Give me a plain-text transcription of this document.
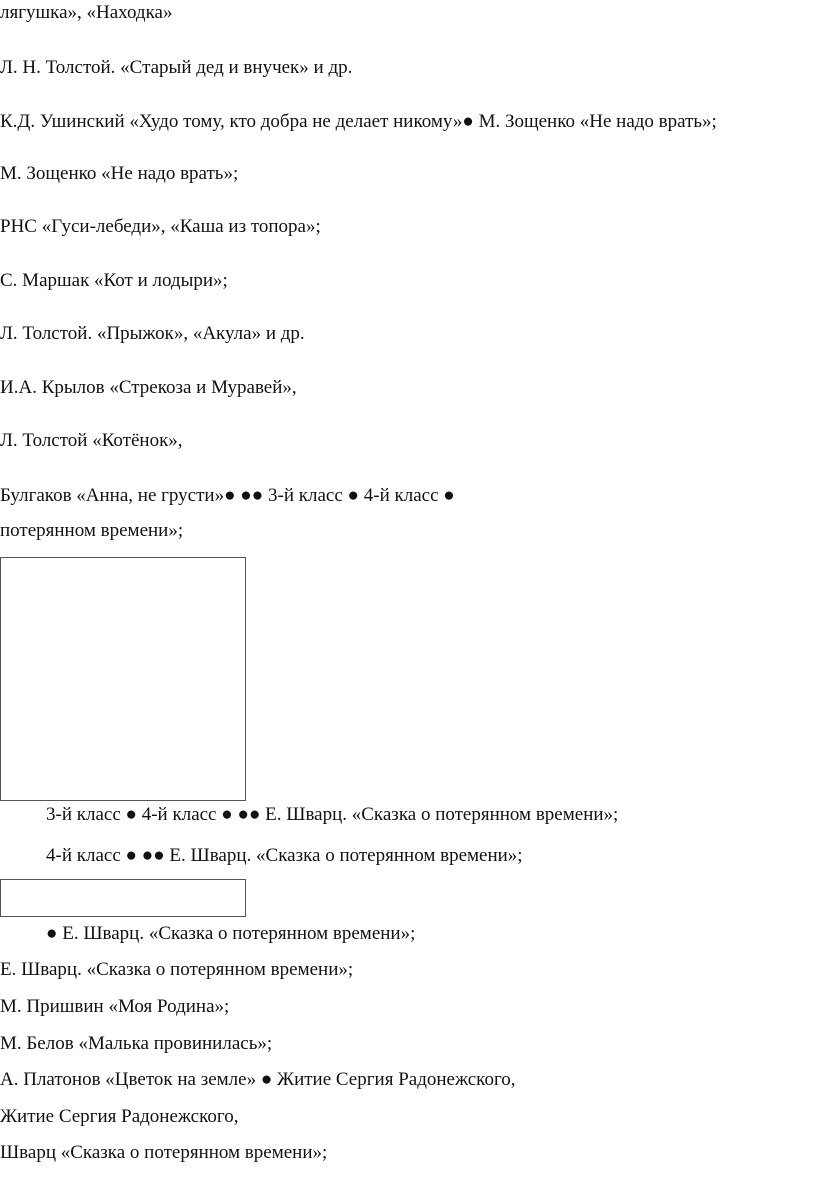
лягушка», «Находка»
Л. Н. Толстой. «Старый дед и внучек» и др.
К.Д. Ушинский «Худо тому, кто добра не делает никому»● М. Зощенко «Не надо врать»;
М. Зощенко «Не надо врать»;
РНС «Гуси-лебеди», «Каша из топора»;
С. Маршак «Кот и лодыри»;
Л. Толстой. «Прыжок», «Акула» и др.
И.А. Крылов «Стрекоза и Муравей»,
Л. Толстой «Котёнок»,
Булгаков «Анна, не грусти»● ●● 3-й класс ● 4-й класс ●
потерянном времени»;
3-й класс ● 4-й класс ● ●● Е. Шварц. «Сказка о потерянном времени»;
4-й класс ● ●● Е. Шварц. «Сказка о потерянном времени»;
● Е. Шварц. «Сказка о потерянном времени»;
Е. Шварц. «Сказка о потерянном времени»;
М. Пришвин «Моя Родина»;
М. Белов «Малька провинилась»;
А. Платонов «Цветок на земле» ● Житие Сергия Радонежского,
Житие Сергия Радонежского,
Шварц «Сказка о потерянном времени»;
